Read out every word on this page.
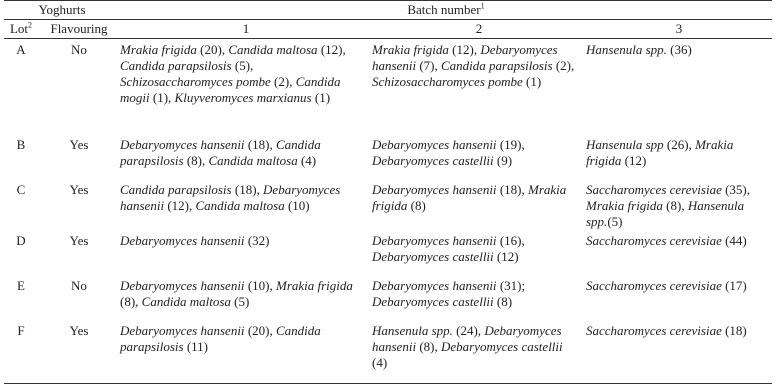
Yoghurts		Batch number$^1$
Lot$^2$	Flavouring	1	2	3
A	No	Mrakia frigida (20), Candida maltosa (12), Candida parapsilosis (5), Schizosaccharomyces pombe (2), Candida mogii (1), Kluyveromyces marxianus (1)	Mrakia frigida (12), Debaryomyces hansenii (7), Candida parapsilosis (2), Schizosaccharomyces pombe (1)	Hansenula spp. (36)
B	Yes	Debaryomyces hansenii (18), Candida parapsilosis (8), Candida maltosa (4)	Debaryomyces hansenii (19), Debaryomyces castellii (9)	Hansenula spp (26), Mrakia frigida (12)
C	Yes	Candida parapsilosis (18), Debaryomyces hansenii (12), Candida maltosa (10)	Debaryomyces hansenii (18), Mrakia frigida (8)	Saccharomyces cerevisiae (35), Mrakia frigida (8), Hansenula spp.(5)
D	Yes	Debaryomyces hansenii (32)	Debaryomyces hansenii (16), Debaryomyces castellii (12)	Saccharomyces cerevisiae (44)
E	No	Debaryomyces hansenii (10), Mrakia frigida (8), Candida maltosa (5)	Debaryomyces hansenii (31); Debaryomyces castellii (8)	Saccharomyces cerevisiae (17)
F	Yes	Debaryomyces hansenii (20), Candida parapsilosis (11)	Hansenula spp. (24), Debaryomyces hansenii (8), Debaryomyces castellii (4)	Saccharomyces cerevisiae (18)
